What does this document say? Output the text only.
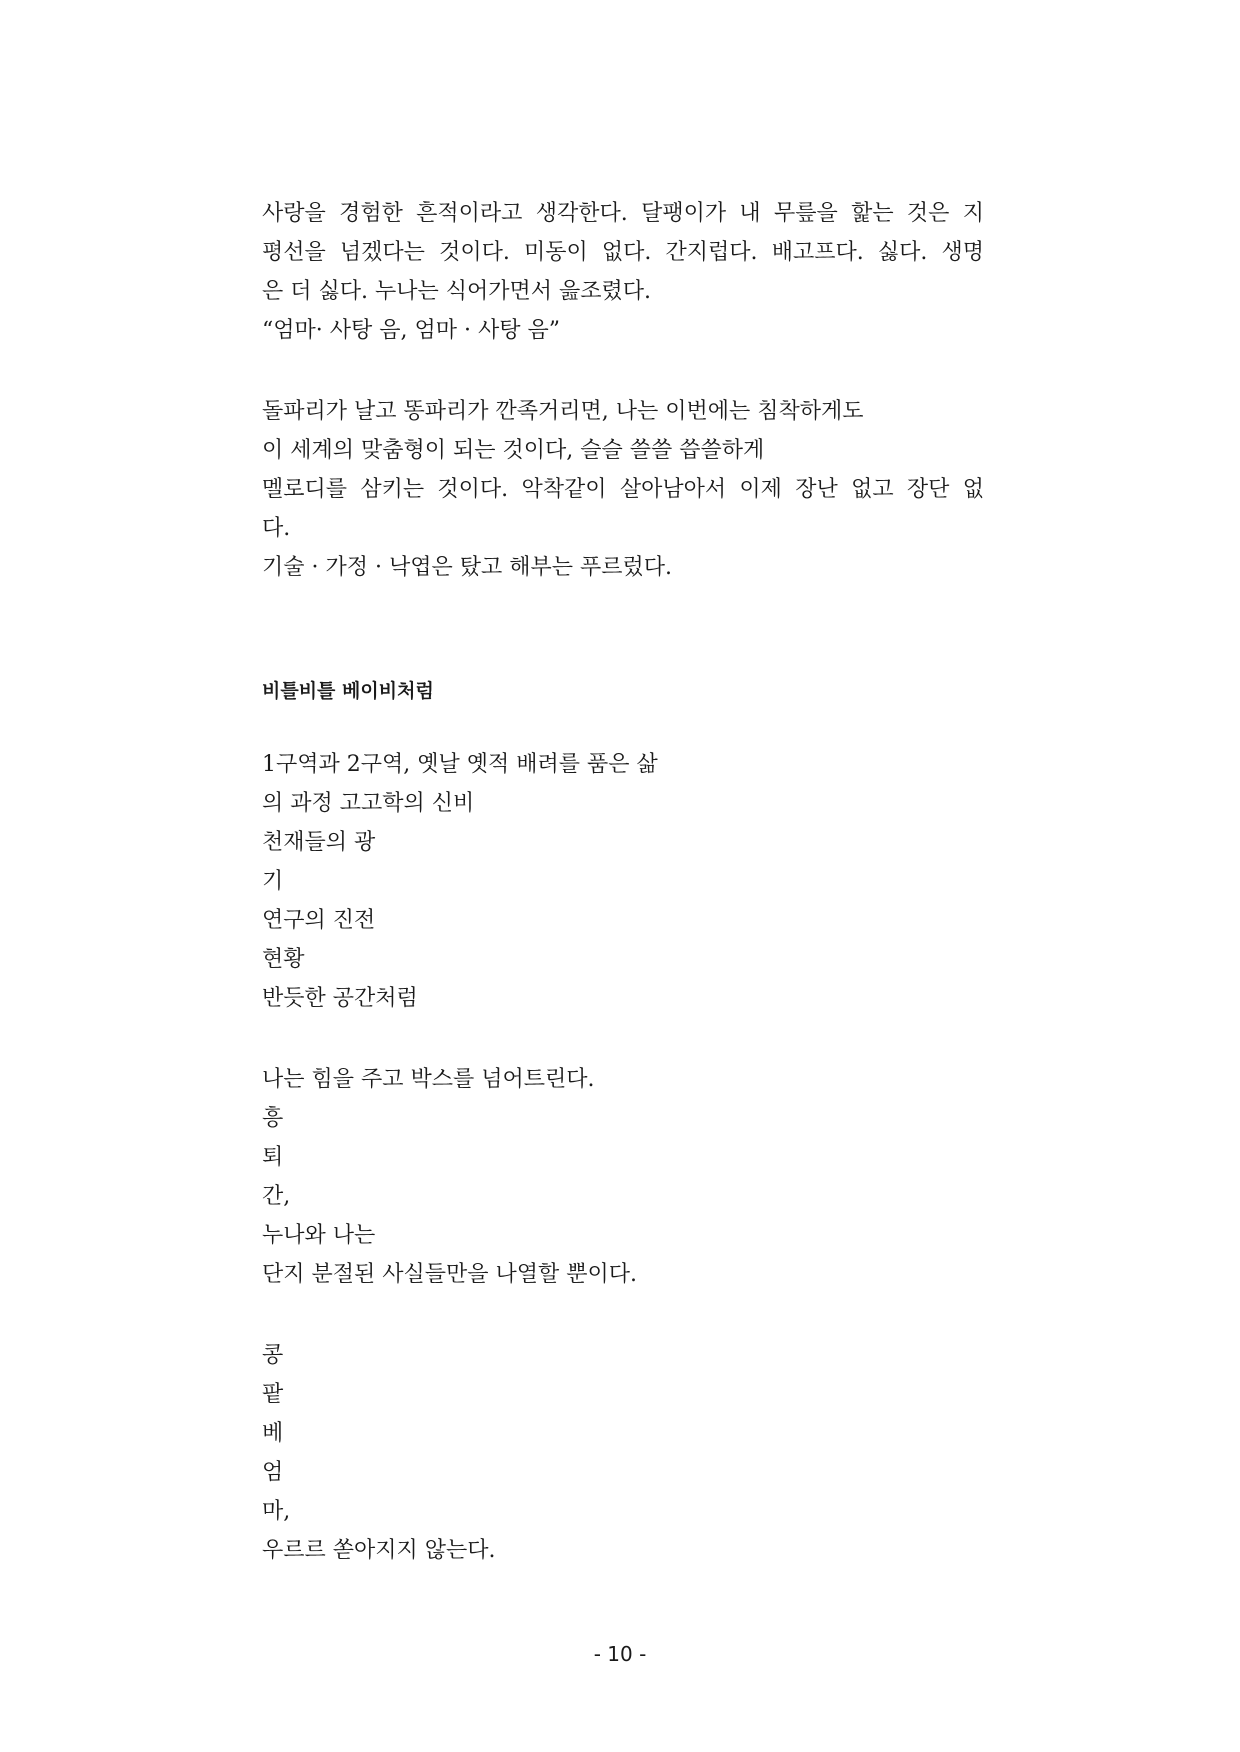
사랑을 경험한 흔적이라고 생각한다. 달팽이가 내 무릎을 핥는 것은 지

평선을 넘겠다는 것이다. 미동이 없다. 간지럽다. 배고프다. 싫다. 생명

은 더 싫다. 누나는 식어가면서 읊조렸다.

“엄마· 사탕 음, 엄마 · 사탕 음”

돌파리가 날고 똥파리가 깐족거리면, 나는 이번에는 침착하게도

이 세계의 맞춤형이 되는 것이다, 슬슬 쓸쓸 씁쓸하게

멜로디를 삼키는 것이다. 악착같이 살아남아서 이제 장난 없고 장단 없

다.

기술 · 가정 · 낙엽은 탔고 해부는 푸르렀다.

비틀비틀 베이비처럼

1구역과 2구역, 옛날 옛적 배려를 품은 삶

의 과정 고고학의 신비

천재들의 광

기

연구의 진전

현황

반듯한 공간처럼

나는 힘을 주고 박스를 넘어트린다.

흥

퇴

간,

누나와 나는

단지 분절된 사실들만을 나열할 뿐이다.

콩

팥

베

엄

마,

우르르 쏟아지지 않는다.

- 10 -
